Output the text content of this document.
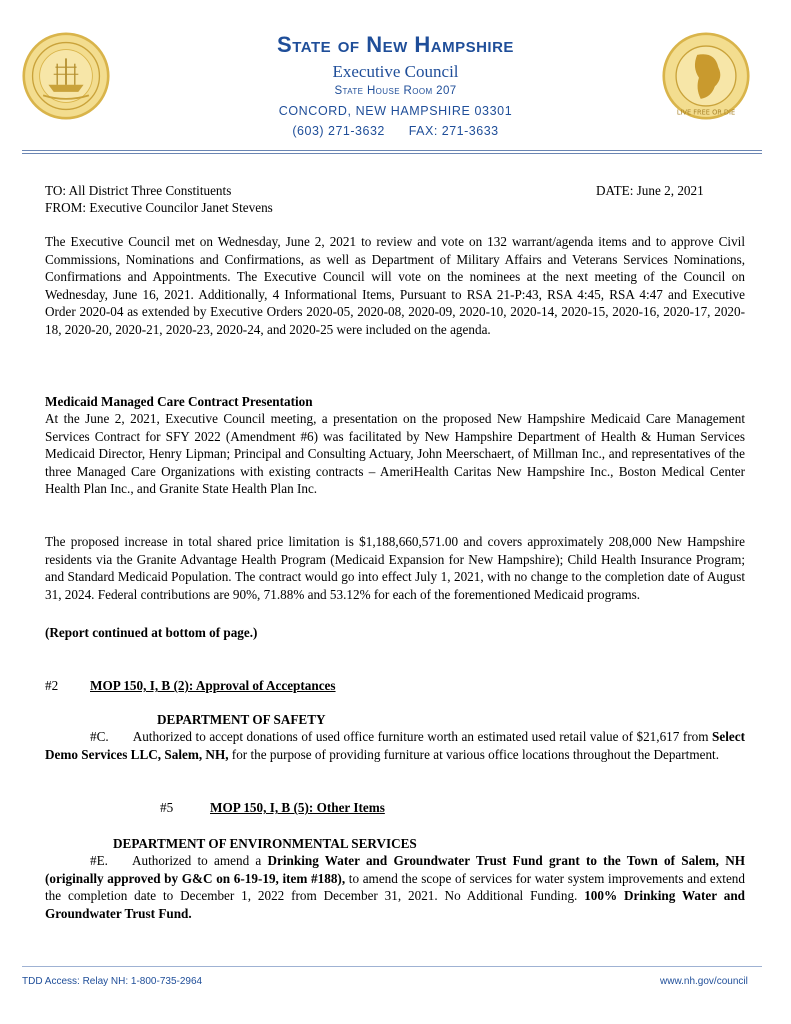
LIVE FREE OR DIE
State of New Hampshire
Executive Council
State House Room 207
CONCORD, NEW HAMPSHIRE 03301
(603) 271-3632 FAX: 271-3633
TO: All District Three Constituents
FROM: Executive Councilor Janet Stevens
DATE: June 2, 2021
The Executive Council met on Wednesday, June 2, 2021 to review and vote on 132 warrant/agenda items and to approve Civil Commissions, Nominations and Confirmations, as well as Department of Military Affairs and Veterans Services Nominations, Confirmations and Appointments. The Executive Council will vote on the nominees at the next meeting of the Council on Wednesday, June 16, 2021. Additionally, 4 Informational Items, Pursuant to RSA 21-P:43, RSA 4:45, RSA 4:47 and Executive Order 2020-04 as extended by Executive Orders 2020-05, 2020-08, 2020-09, 2020-10, 2020-14, 2020-15, 2020-16, 2020-17, 2020-18, 2020-20, 2020-21, 2020-23, 2020-24, and 2020-25 were included on the agenda.
Medicaid Managed Care Contract Presentation
At the June 2, 2021, Executive Council meeting, a presentation on the proposed New Hampshire Medicaid Care Management Services Contract for SFY 2022 (Amendment #6) was facilitated by New Hampshire Department of Health & Human Services Medicaid Director, Henry Lipman; Principal and Consulting Actuary, John Meerschaert, of Millman Inc., and representatives of the three Managed Care Organizations with existing contracts – AmeriHealth Caritas New Hampshire Inc., Boston Medical Center Health Plan Inc., and Granite State Health Plan Inc.
The proposed increase in total shared price limitation is $1,188,660,571.00 and covers approximately 208,000 New Hampshire residents via the Granite Advantage Health Program (Medicaid Expansion for New Hampshire); Child Health Insurance Program; and Standard Medicaid Population. The contract would go into effect July 1, 2021, with no change to the completion date of August 31, 2024. Federal contributions are 90%, 71.88% and 53.12% for each of the forementioned Medicaid programs.
(Report continued at bottom of page.)
#2 MOP 150, I, B (2): Approval of Acceptances
DEPARTMENT OF SAFETY
#C. Authorized to accept donations of used office furniture worth an estimated used retail value of $21,617 from Select Demo Services LLC, Salem, NH, for the purpose of providing furniture at various office locations throughout the Department.
#5	MOP 150, I, B (5): Other Items
DEPARTMENT OF ENVIRONMENTAL SERVICES
#E. Authorized to amend a Drinking Water and Groundwater Trust Fund grant to the Town of Salem, NH (originally approved by G&C on 6-19-19, item #188), to amend the scope of services for water system improvements and extend the completion date to December 1, 2022 from December 31, 2021. No Additional Funding. 100% Drinking Water and Groundwater Trust Fund.
TDD Access: Relay NH: 1-800-735-2964	www.nh.gov/council
